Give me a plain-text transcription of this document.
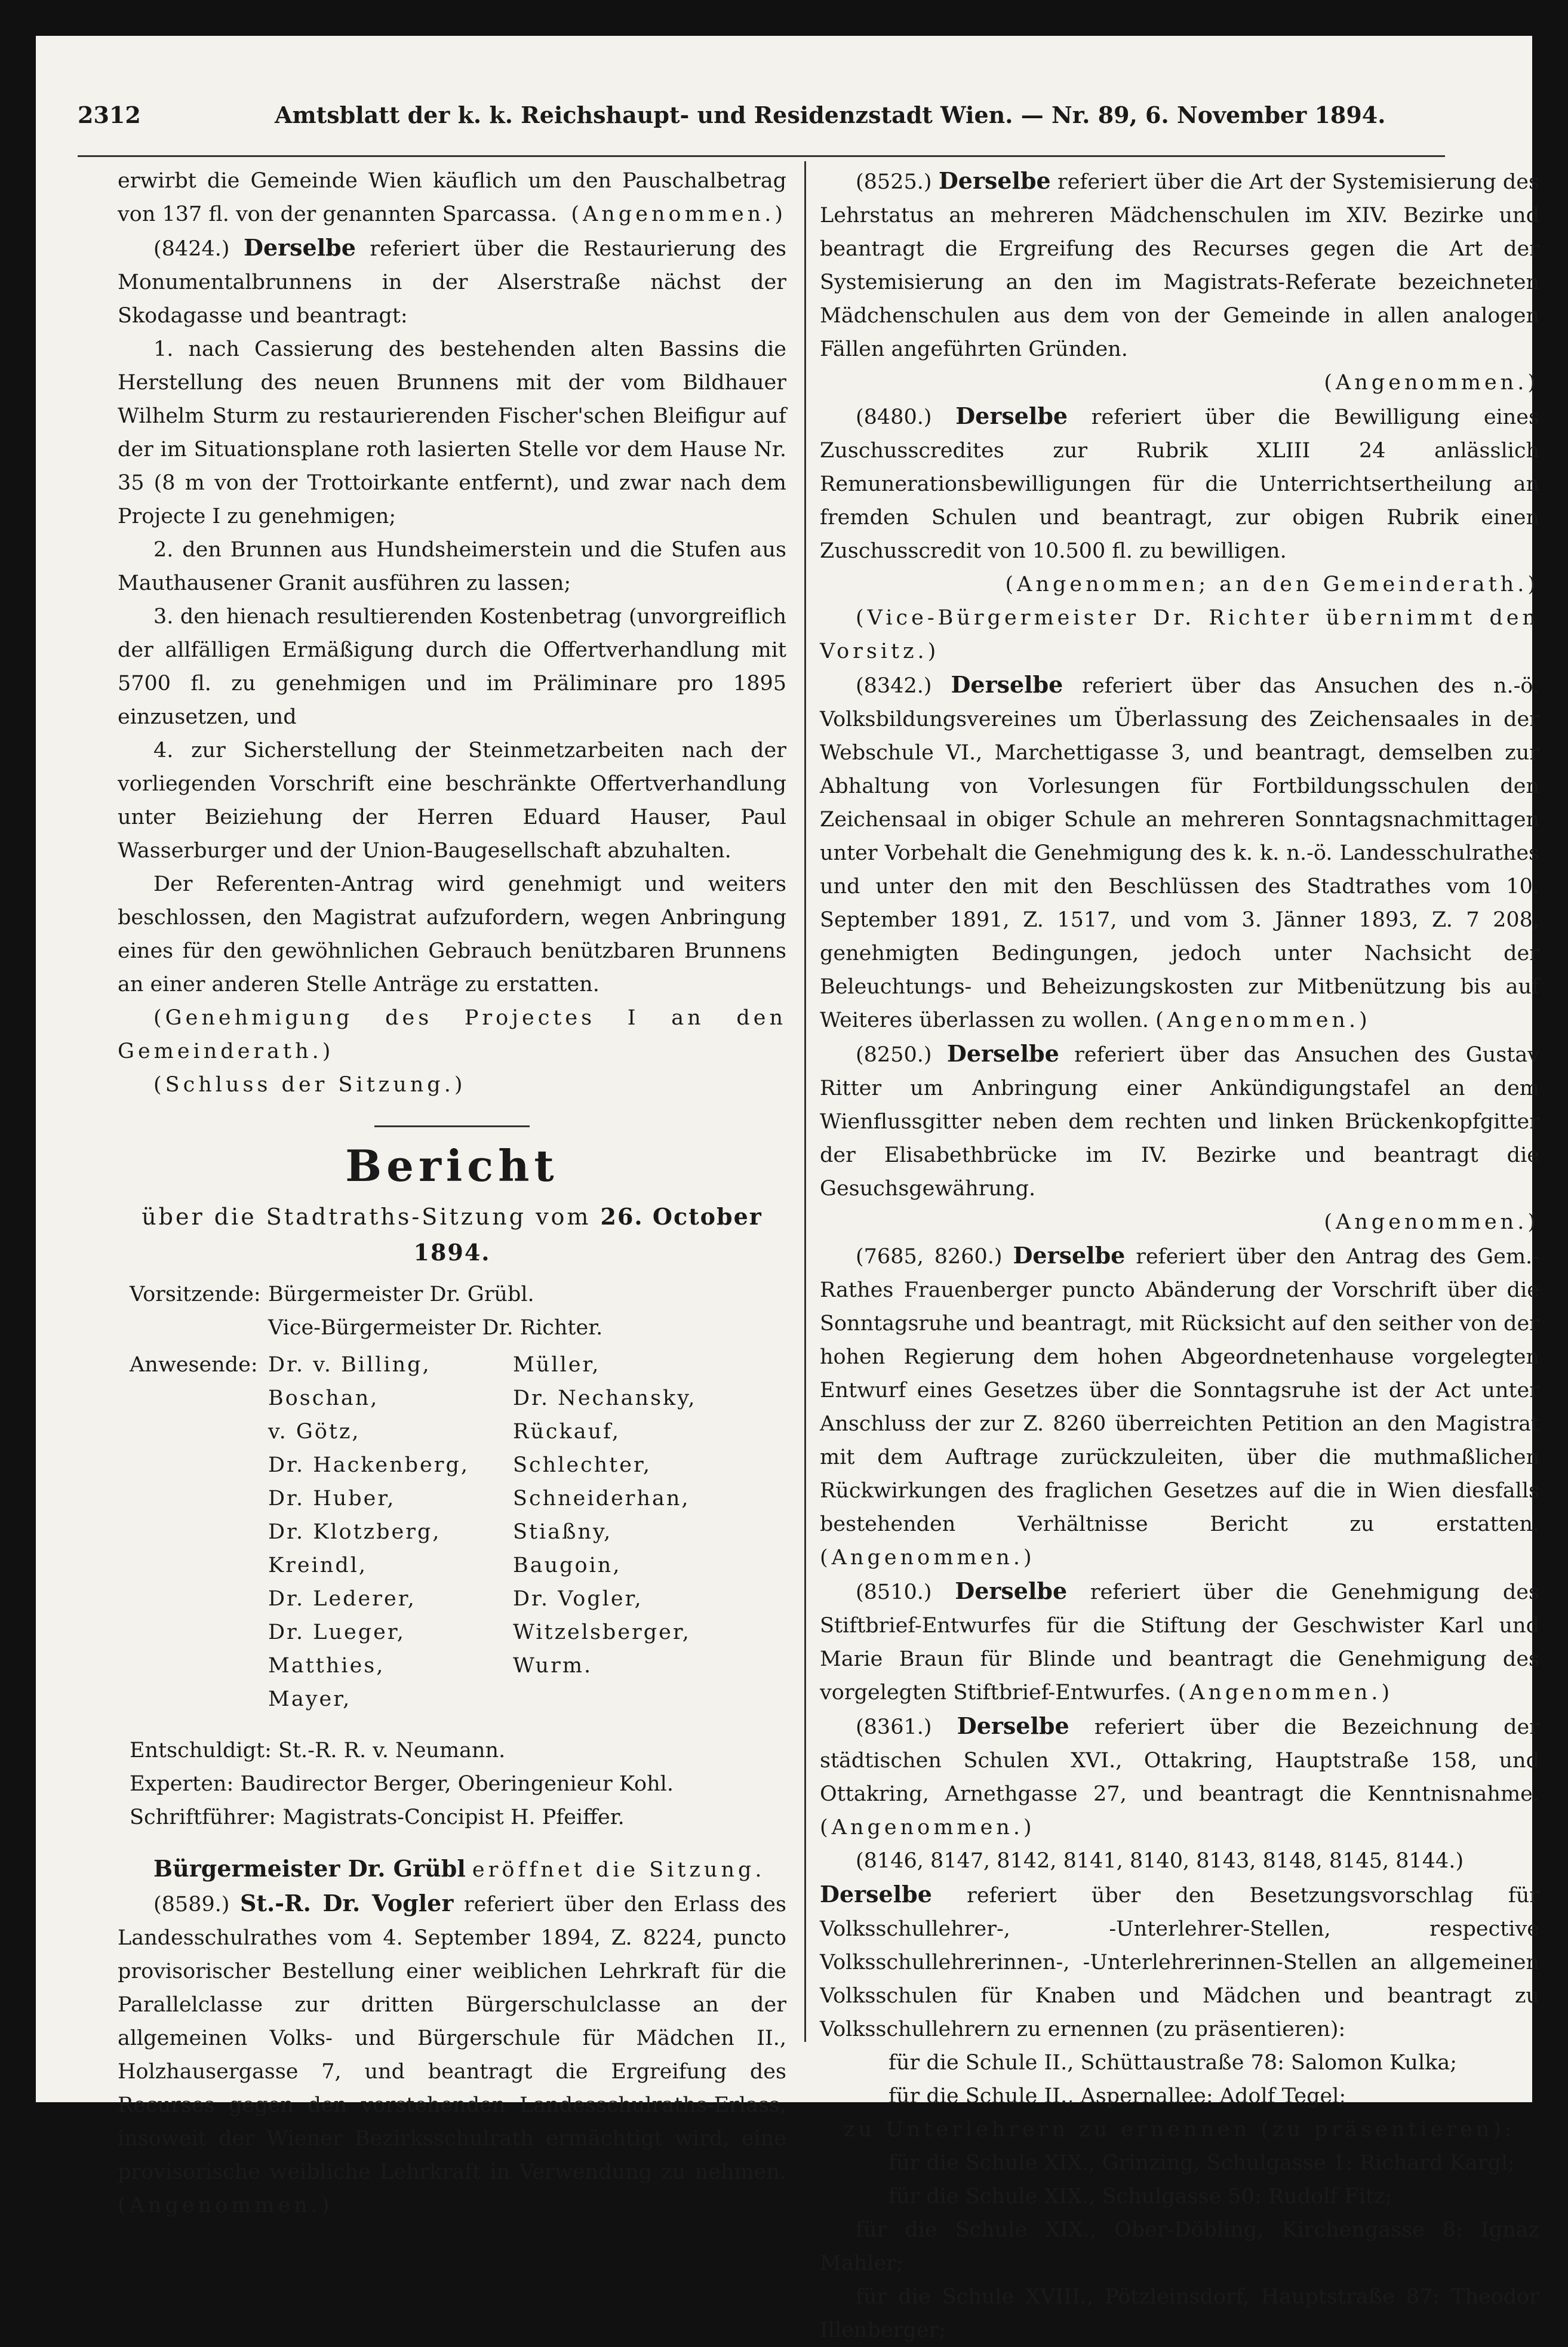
2312	Amtsblatt der k. k. Reichshaupt- und Residenzstadt Wien. — Nr. 89, 6. November 1894.

erwirbt die Gemeinde Wien käuflich um den Pauschalbetrag von 137 fl. von der genannten Sparcassa. (Angenommen.)

(8424.) Derselbe referiert über die Restaurierung des Monumentalbrunnens in der Alserstraße nächst der Skodagasse und beantragt:

1. nach Cassierung des bestehenden alten Bassins die Herstellung des neuen Brunnens mit der vom Bildhauer Wilhelm Sturm zu restaurierenden Fischer'schen Bleifigur auf der im Situationsplane roth lasierten Stelle vor dem Hause Nr. 35 (8 m von der Trottoirkante entfernt), und zwar nach dem Projecte I zu genehmigen;

2. den Brunnen aus Hundsheimerstein und die Stufen aus Mauthausener Granit ausführen zu lassen;

3. den hienach resultierenden Kostenbetrag (unvorgreiflich der allfälligen Ermäßigung durch die Offertverhandlung mit 5700 fl. zu genehmigen und im Präliminare pro 1895 einzusetzen, und

4. zur Sicherstellung der Steinmetzarbeiten nach der vorliegenden Vorschrift eine beschränkte Offertverhandlung unter Beiziehung der Herren Eduard Hauser, Paul Wasserburger und der Union-Baugesellschaft abzuhalten.

Der Referenten-Antrag wird genehmigt und weiters beschlossen, den Magistrat aufzufordern, wegen Anbringung eines für den gewöhnlichen Gebrauch benützbaren Brunnens an einer anderen Stelle Anträge zu erstatten.

(Genehmigung des Projectes I an den Gemeinderath.)

(Schluss der Sitzung.)

Bericht
über die Stadtraths-Sitzung vom 26. October 1894.
Vorsitzende: Bürgermeister Dr. Grübl.
Vice-Bürgermeister Dr. Richter.
Anwesende: Dr. v. Billing,
Boschan,
v. Götz,
Dr. Hackenberg,
Dr. Huber,
Dr. Klotzberg,
Kreindl,
Dr. Lederer,
Dr. Lueger,
Matthies,
Mayer,
Müller,
Dr. Nechansky,
Rückauf,
Schlechter,
Schneiderhan,
Stiaßny,
Baugoin,
Dr. Vogler,
Witzelsberger,
Wurm.
Entschuldigt:
St.-R. R. v. Neumann.
Experten:
Baudirector Berger, Oberingenieur Kohl.
Schriftführer:
Magistrats-Concipist H. Pfeiffer.

Bürgermeister Dr. Grübl eröffnet die Sitzung.

(8589.) St.-R. Dr. Vogler referiert über den Erlass des Landesschulrathes vom 4. September 1894, Z. 8224, puncto provisorischer Bestellung einer weiblichen Lehrkraft für die Parallelclasse zur dritten Bürgerschulclasse an der allgemeinen Volks- und Bürgerschule für Mädchen II., Holzhausergasse 7, und beantragt die Ergreifung des Recurses gegen den vorstehenden Landesschulraths-Erlass, insoweit der Wiener Bezirksschulrath ermächtigt wird, eine provisorische weibliche Lehrkraft in Verwendung zu nehmen. (Angenommen.)

(8525.) Derselbe referiert über die Art der Systemisierung des Lehrstatus an mehreren Mädchenschulen im XIV. Bezirke und beantragt die Ergreifung des Recurses gegen die Art der Systemisierung an den im Magistrats-Referate bezeichneten Mädchenschulen aus dem von der Gemeinde in allen analogen Fällen angeführten Gründen.

(Angenommen.)

(8480.) Derselbe referiert über die Bewilligung eines Zuschusscredites zur Rubrik XLIII 24 anlässlich Remunerationsbewilligungen für die Unterrichtsertheilung an fremden Schulen und beantragt, zur obigen Rubrik einen Zuschusscredit von 10.500 fl. zu bewilligen.

(Angenommen; an den Gemeinderath.)

(Vice-Bürgermeister Dr. Richter übernimmt den Vorsitz.)

(8342.) Derselbe referiert über das Ansuchen des n.-ö. Volksbildungsvereines um Überlassung des Zeichensaales in der Webschule VI., Marchettigasse 3, und beantragt, demselben zur Abhaltung von Vorlesungen für Fortbildungsschulen den Zeichensaal in obiger Schule an mehreren Sonntagsnachmittagen unter Vorbehalt die Genehmigung des k. k. n.-ö. Landesschulrathes und unter den mit den Beschlüssen des Stadtrathes vom 10. September 1891, Z. 1517, und vom 3. Jänner 1893, Z. 7 208, genehmigten Bedingungen, jedoch unter Nachsicht der Beleuchtungs- und Beheizungskosten zur Mitbenützung bis auf Weiteres überlassen zu wollen. (Angenommen.)

(8250.) Derselbe referiert über das Ansuchen des Gustav Ritter um Anbringung einer Ankündigungstafel an dem Wienflussgitter neben dem rechten und linken Brückenkopfgitter der Elisabethbrücke im IV. Bezirke und beantragt die Gesuchsgewährung.

(Angenommen.)

(7685, 8260.) Derselbe referiert über den Antrag des Gem.-Rathes Frauenberger puncto Abänderung der Vorschrift über die Sonntagsruhe und beantragt, mit Rücksicht auf den seither von der hohen Regierung dem hohen Abgeordnetenhause vorgelegten Entwurf eines Gesetzes über die Sonntagsruhe ist der Act unter Anschluss der zur Z. 8260 überreichten Petition an den Magistrat mit dem Auftrage zurückzuleiten, über die muthmaßlichen Rückwirkungen des fraglichen Gesetzes auf die in Wien diesfalls bestehenden Verhältnisse Bericht zu erstatten. (Angenommen.)

(8510.) Derselbe referiert über die Genehmigung des Stiftbrief-Entwurfes für die Stiftung der Geschwister Karl und Marie Braun für Blinde und beantragt die Genehmigung des vorgelegten Stiftbrief-Entwurfes. (Angenommen.)

(8361.) Derselbe referiert über die Bezeichnung der städtischen Schulen XVI., Ottakring, Hauptstraße 158, und Ottakring, Arnethgasse 27, und beantragt die Kenntnisnahme. (Angenommen.)

(8146, 8147, 8142, 8141, 8140, 8143, 8148, 8145, 8144.)

Derselbe referiert über den Besetzungsvorschlag für Volksschullehrer-, -Unterlehrer-Stellen, respective Volksschullehrerinnen-, -Unterlehrerinnen-Stellen an allgemeinen Volksschulen für Knaben und Mädchen und beantragt zu Volksschullehrern zu ernennen (zu präsentieren):

für die Schule II., Schüttaustraße 78: Salomon Kulka;

für die Schule II., Aspernallee: Adolf Tegel;

zu Unterlehrern zu ernennen (zu präsentieren):

für die Schule XIX., Grinzing, Schulgasse 1: Richard Kargl;

für die Schule XIX., Schulgasse 50: Rudolf Fitz;

für die Schule XIX., Ober-Döbling, Kirchengasse 8: Ignaz Mahler;

für die Schule XVIII., Pötzleinsdorf, Hauptstraße 87: Theodor Illenberger;
